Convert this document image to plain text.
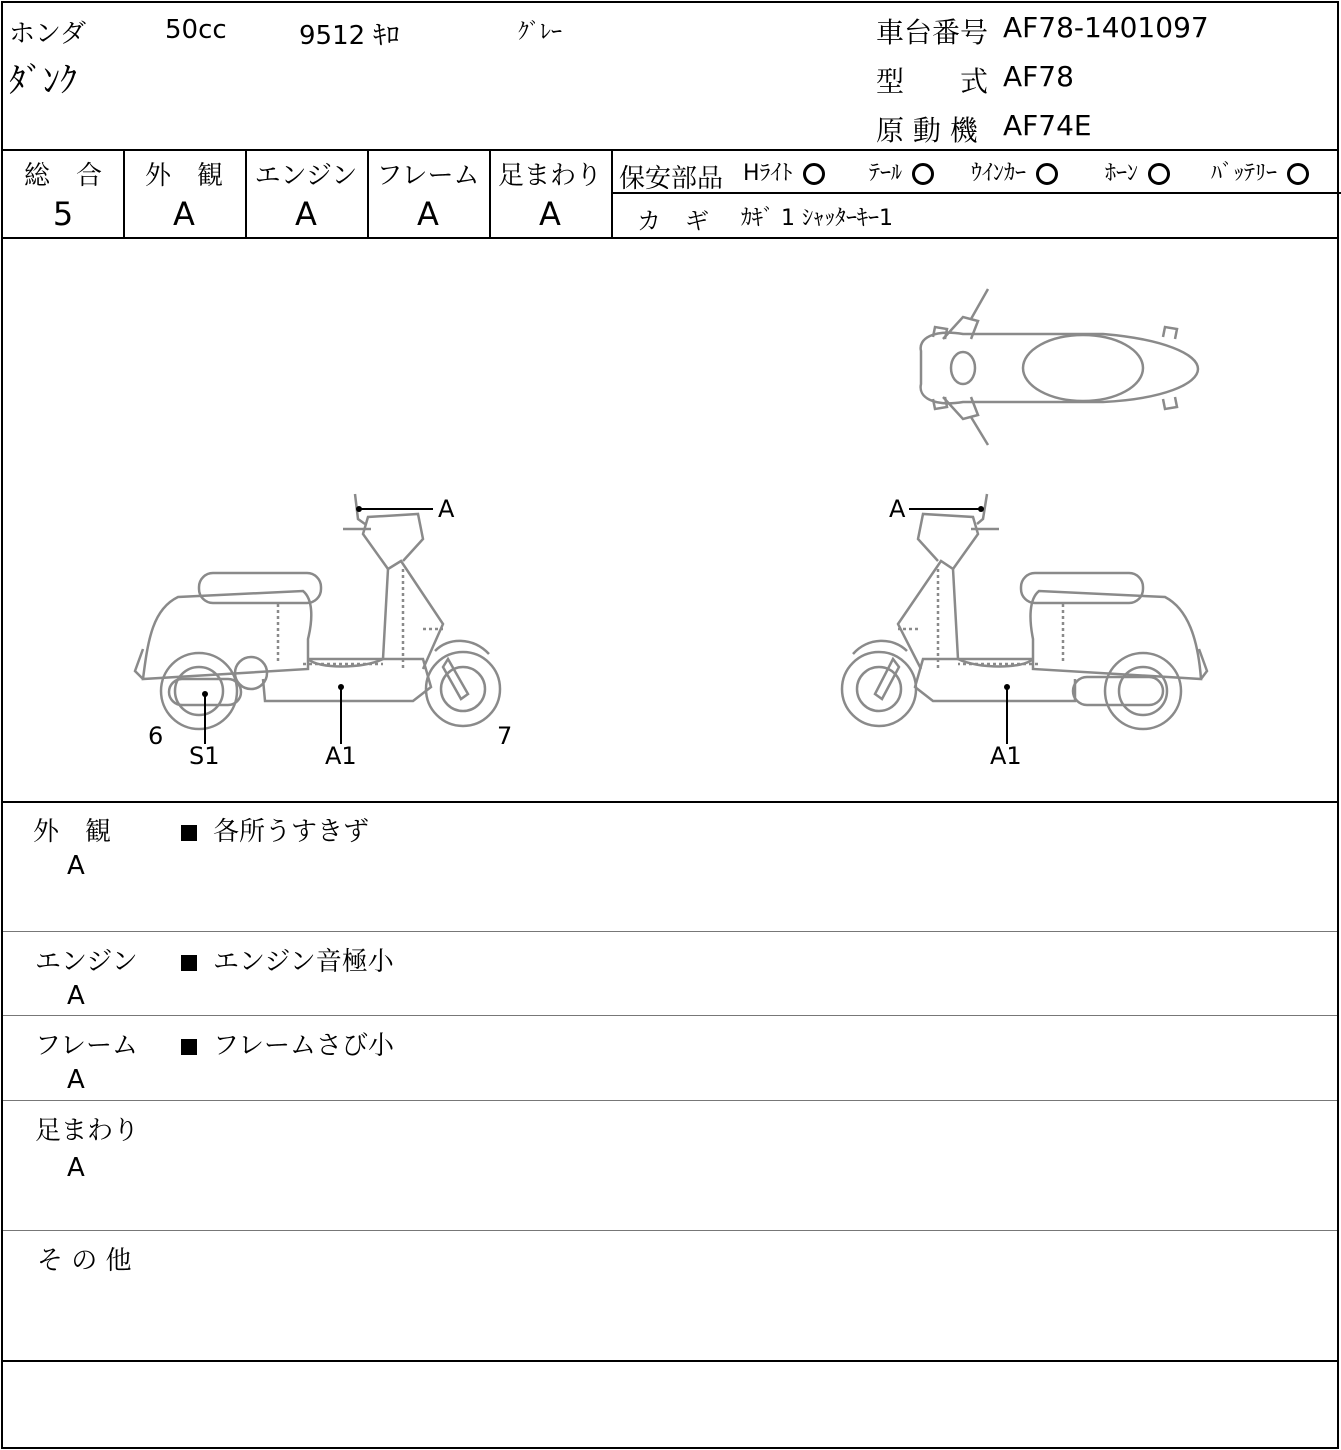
ホンダ	50cc	9512 ｷﾛ	ｸﾞﾚｰ
ﾀﾞﾝｸ
車台番号 AF78-1401097
型　　式 AF78
原 動 機 AF74E
総　合
5
外　観
A
エンジン
A
フレーム
A
足まわり
A
保安部品 Hﾗｲﾄ	ﾃｰﾙ	ｳｲﾝｶｰ	ﾎｰﾝ	ﾊﾞｯﾃﾘｰ
カ　ギ ｶｷﾞ 1 ｼｬｯﾀｰｷｰ1
A
6	7
S1	A1
A
A1
外　観
A
各所うすきず
エンジン
A
エンジン音極小
フレーム
A
フレームさび小
足まわり
A
そ の 他
